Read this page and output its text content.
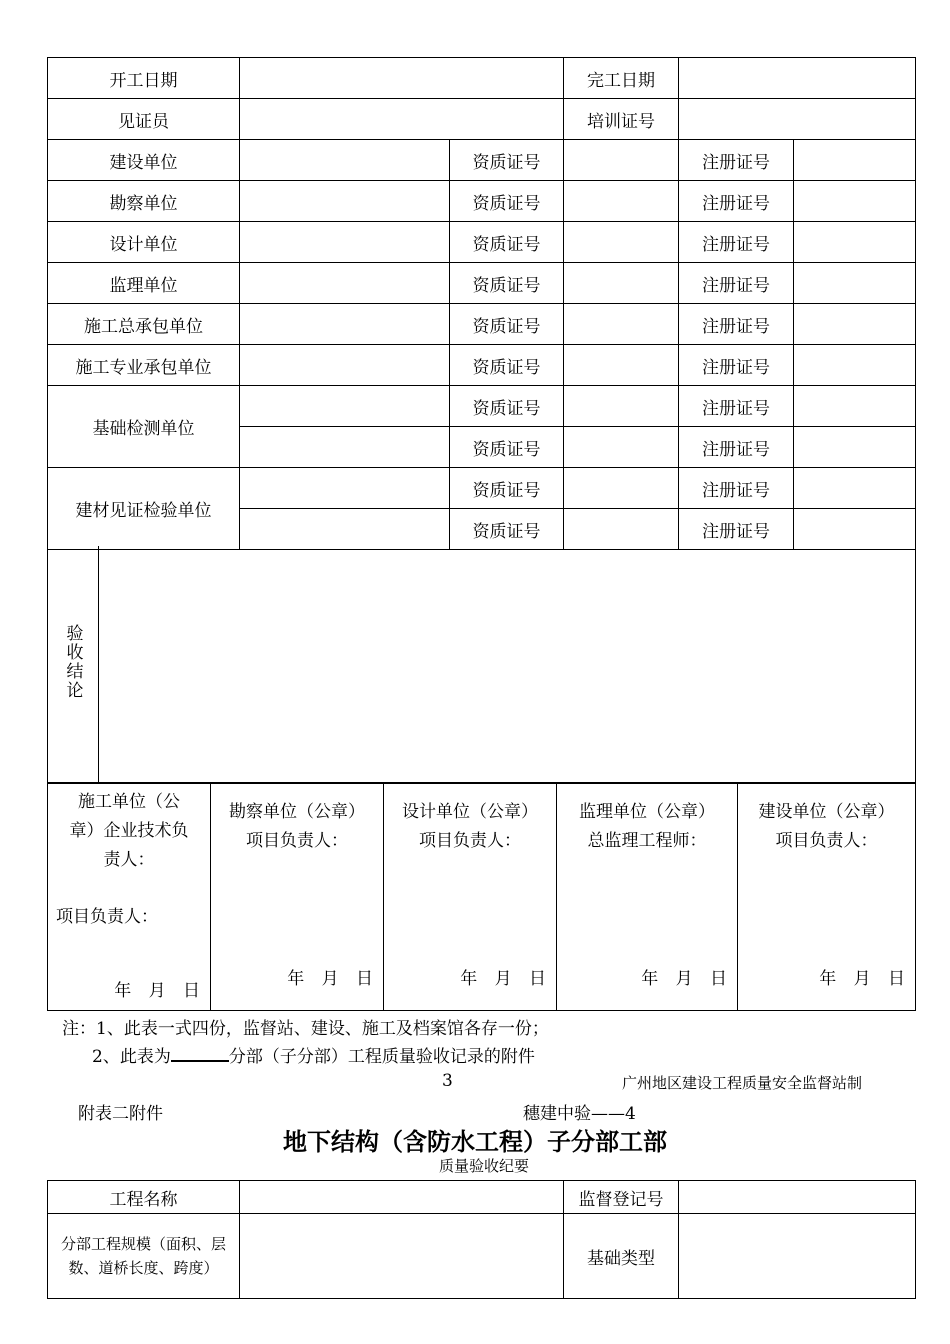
开工日期			完工日期		
见证员			培训证号		
建设单位		资质证号		注册证号	
勘察单位		资质证号		注册证号	
设计单位		资质证号		注册证号	
监理单位		资质证号		注册证号	
施工总承包单位		资质证号		注册证号	
施工专业承包单位		资质证号		注册证号	
基础检测单位		资质证号		注册证号	
		资质证号		注册证号	
建材见证检验单位		资质证号		注册证号	
		资质证号		注册证号	
验收结论	
施工单位（公
章）企业技术负
责人：
项目负责人：
年 月 日

勘察单位（公章）
项目负责人：
年 月 日

设计单位（公章）
项目负责人：
年 月 日

监理单位（公章）
总监理工程师：
年 月 日

建设单位（公章）
项目负责人：
年 月 日
注：1、此表一式四份，监督站、建设、施工及档案馆各存一份；
2、此表为	分部（子分部）工程质量验收记录的附件
3	广州地区建设工程质量安全监督站制
附表二附件	穗建中验——4
地下结构（含防水工程）子分部工部
质量验收纪要
工程名称		监督登记号	

分部工程规模（面积、层数、道桥长度、跨度）		基础类型	
